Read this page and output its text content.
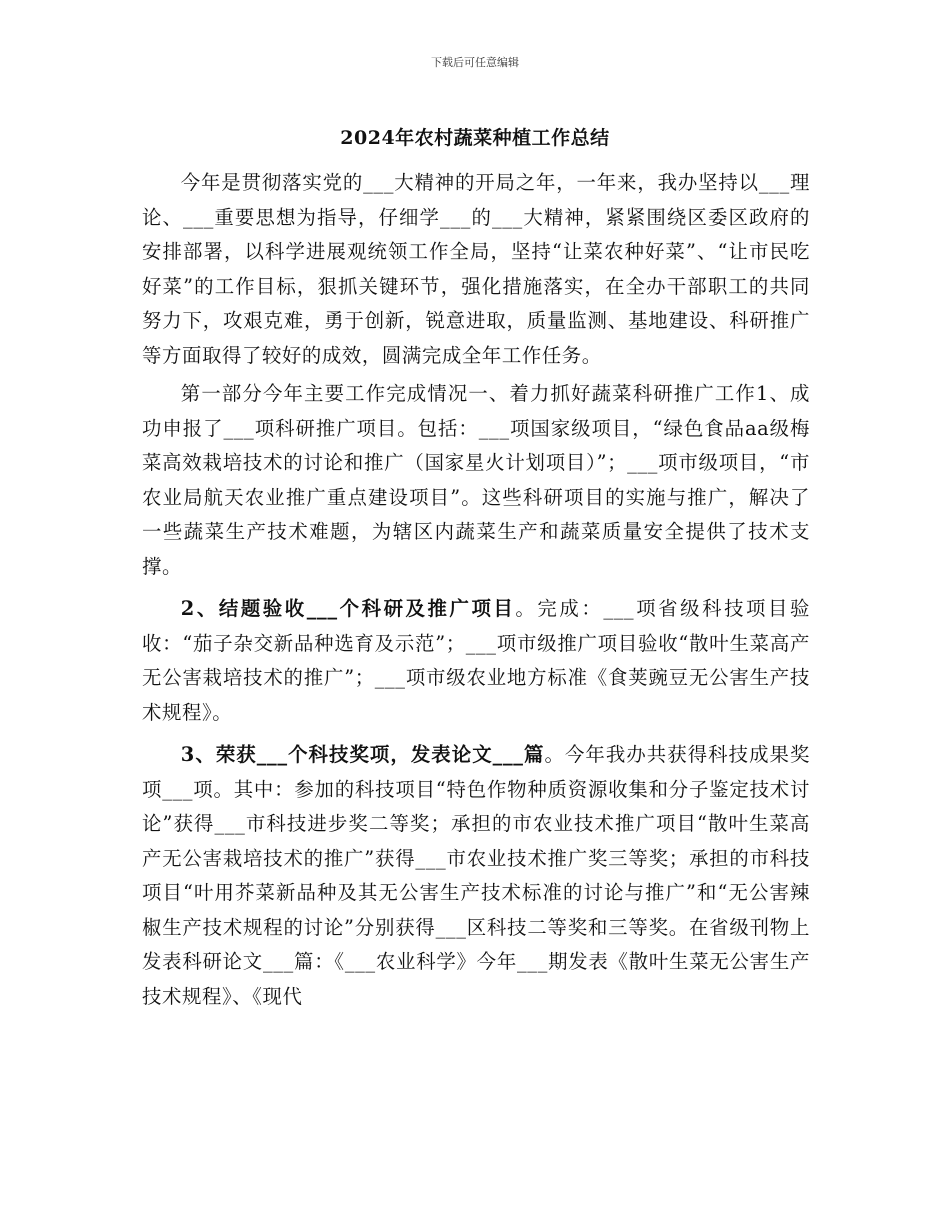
下载后可任意编辑
2024年农村蔬菜种植工作总结

今年是贯彻落实党的___大精神的开局之年，一年来，我办坚持以___理论、___重要思想为指导，仔细学___的___大精神，紧紧围绕区委区政府的安排部署，以科学进展观统领工作全局，坚持“让菜农种好菜”、“让市民吃好菜”的工作目标，狠抓关键环节，强化措施落实，在全办干部职工的共同努力下，攻艰克难，勇于创新，锐意进取，质量监测、基地建设、科研推广等方面取得了较好的成效，圆满完成全年工作任务。

第一部分今年主要工作完成情况一、着力抓好蔬菜科研推广工作1、成功申报了___项科研推广项目。包括：___项国家级项目，“绿色食品aa级梅菜高效栽培技术的讨论和推广（国家星火计划项目）”；___项市级项目，“市农业局航天农业推广重点建设项目”。这些科研项目的实施与推广，解决了一些蔬菜生产技术难题，为辖区内蔬菜生产和蔬菜质量安全提供了技术支撑。

2、结题验收___个科研及推广项目。完成：___项省级科技项目验收：“茄子杂交新品种选育及示范”；___项市级推广项目验收“散叶生菜高产无公害栽培技术的推广”；___项市级农业地方标准《食荚豌豆无公害生产技术规程》。

3、荣获___个科技奖项，发表论文___篇。今年我办共获得科技成果奖项___项。其中：参加的科技项目“特色作物种质资源收集和分子鉴定技术讨论”获得___市科技进步奖二等奖；承担的市农业技术推广项目“散叶生菜高产无公害栽培技术的推广”获得___市农业技术推广奖三等奖；承担的市科技项目“叶用芥菜新品种及其无公害生产技术标准的讨论与推广”和“无公害辣椒生产技术规程的讨论”分别获得___区科技二等奖和三等奖。在省级刊物上发表科研论文___篇：《___农业科学》今年___期发表《散叶生菜无公害生产技术规程》、《现代
